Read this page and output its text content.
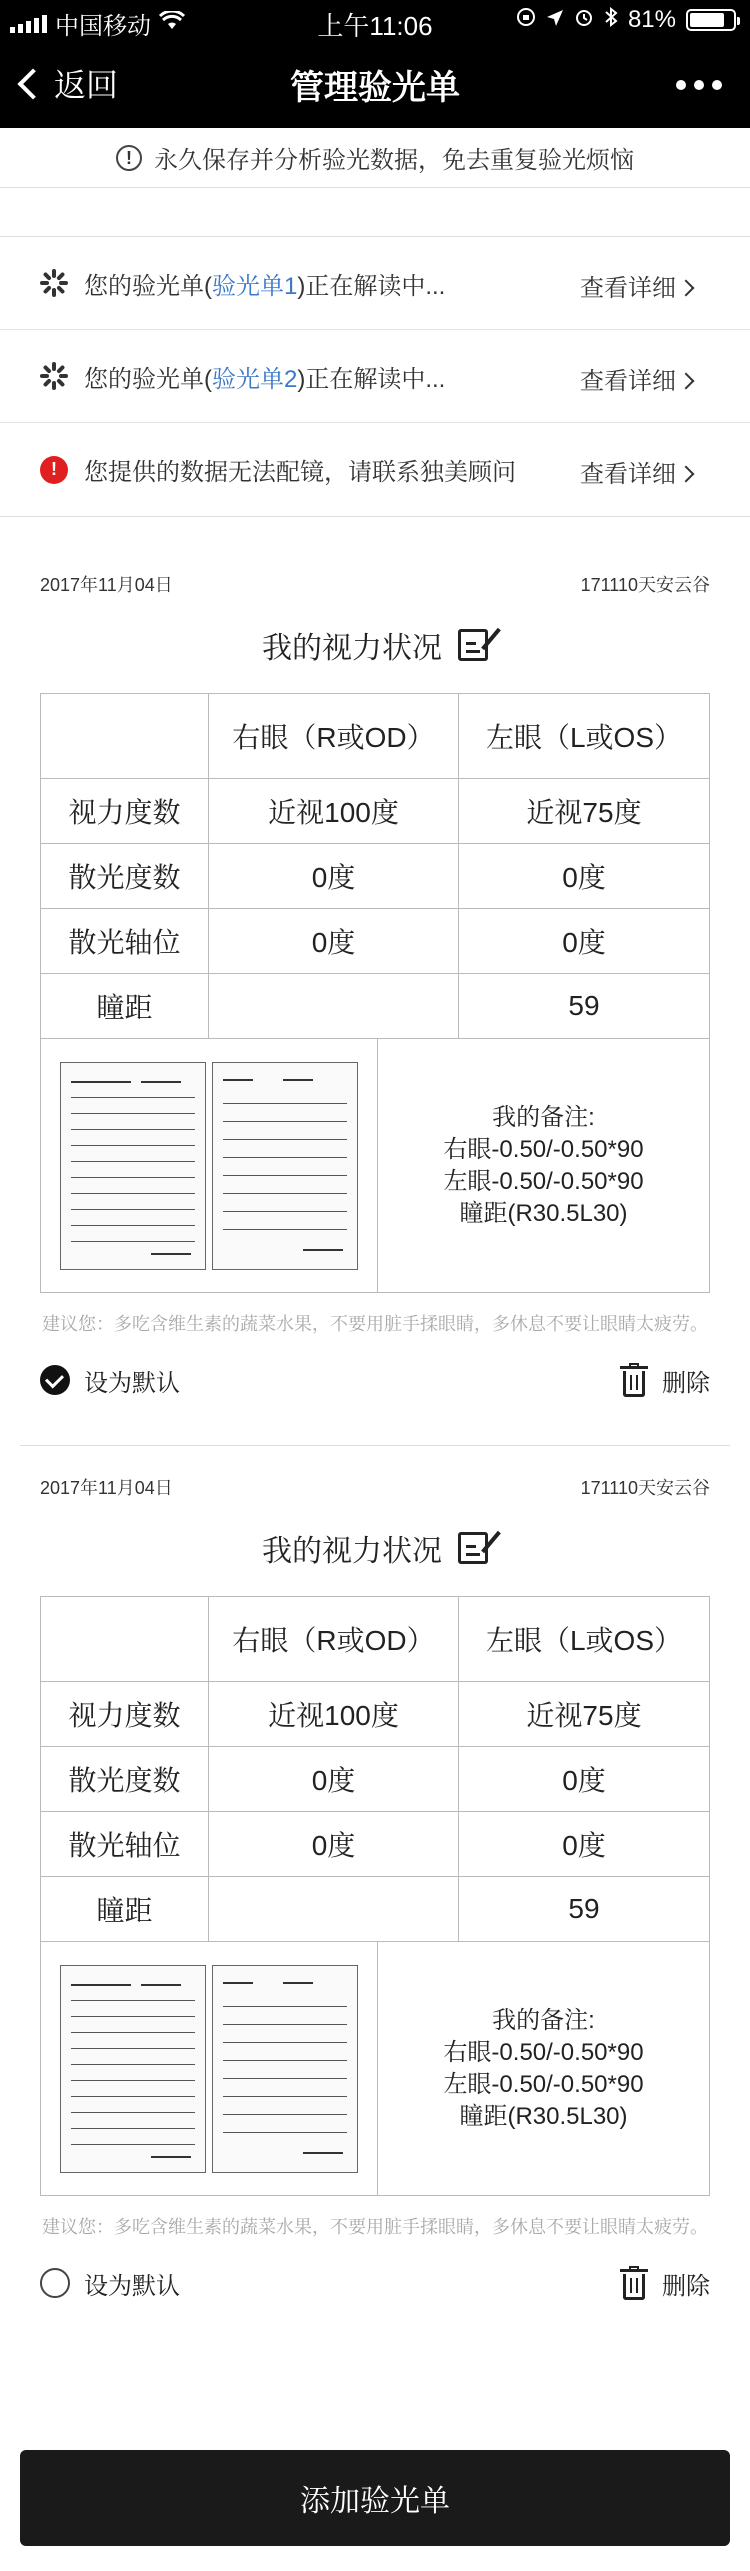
中国移动	上午11:06	81%
返回	管理验光单
! 永久保存并分析验光数据，免去重复验光烦恼
您的验光单(验光单1)正在解读中...	查看详细
您的验光单(验光单2)正在解读中...	查看详细
!	您提供的数据无法配镜，请联系独美顾问	查看详细
2017年11月04日	171110天安云谷
我的视力状况
	右眼（R或OD）	左眼（L或OS）
视力度数	近视100度	近视75度
散光度数	0度	0度
散光轴位	0度	0度
瞳距		59
我的备注:
右眼-0.50/-0.50*90
左眼-0.50/-0.50*90
瞳距(R30.5L30)
建议您：多吃含维生素的蔬菜水果，不要用脏手揉眼睛，多休息不要让眼睛太疲劳。
设为默认	删除
2017年11月04日	171110天安云谷
我的视力状况
	右眼（R或OD）	左眼（L或OS）
视力度数	近视100度	近视75度
散光度数	0度	0度
散光轴位	0度	0度
瞳距		59
我的备注:
右眼-0.50/-0.50*90
左眼-0.50/-0.50*90
瞳距(R30.5L30)
建议您：多吃含维生素的蔬菜水果，不要用脏手揉眼睛，多休息不要让眼睛太疲劳。
设为默认	删除
添加验光单
